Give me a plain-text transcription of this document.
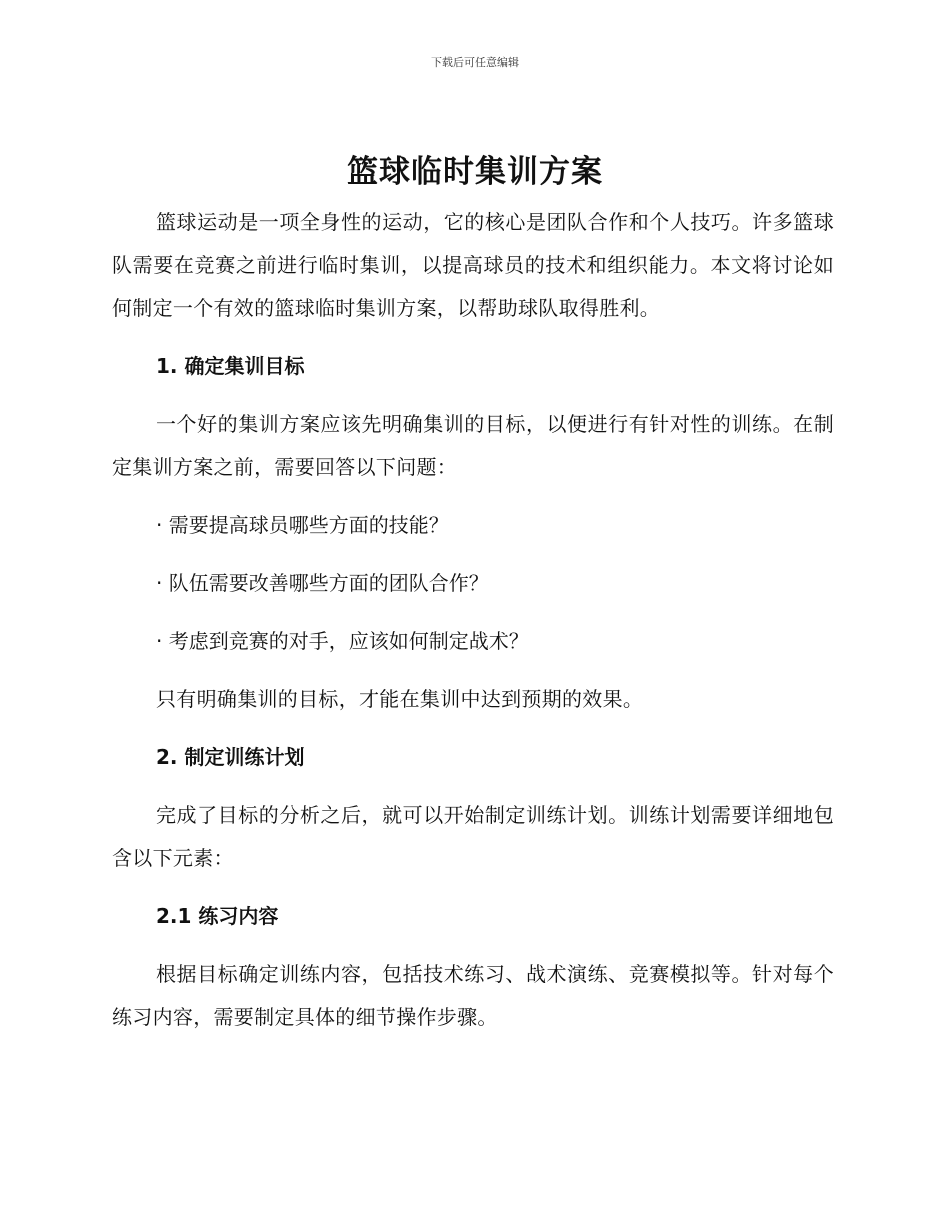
下载后可任意编辑
篮球临时集训方案

篮球运动是一项全身性的运动，它的核心是团队合作和个人技巧。许多篮球队需要在竞赛之前进行临时集训，以提高球员的技术和组织能力。本文将讨论如何制定一个有效的篮球临时集训方案，以帮助球队取得胜利。

1. 确定集训目标

一个好的集训方案应该先明确集训的目标，以便进行有针对性的训练。在制定集训方案之前，需要回答以下问题：

· 需要提高球员哪些方面的技能？

· 队伍需要改善哪些方面的团队合作？

· 考虑到竞赛的对手，应该如何制定战术？

只有明确集训的目标，才能在集训中达到预期的效果。

2. 制定训练计划

完成了目标的分析之后，就可以开始制定训练计划。训练计划需要详细地包含以下元素：

2.1 练习内容

根据目标确定训练内容，包括技术练习、战术演练、竞赛模拟等。针对每个练习内容，需要制定具体的细节操作步骤。
